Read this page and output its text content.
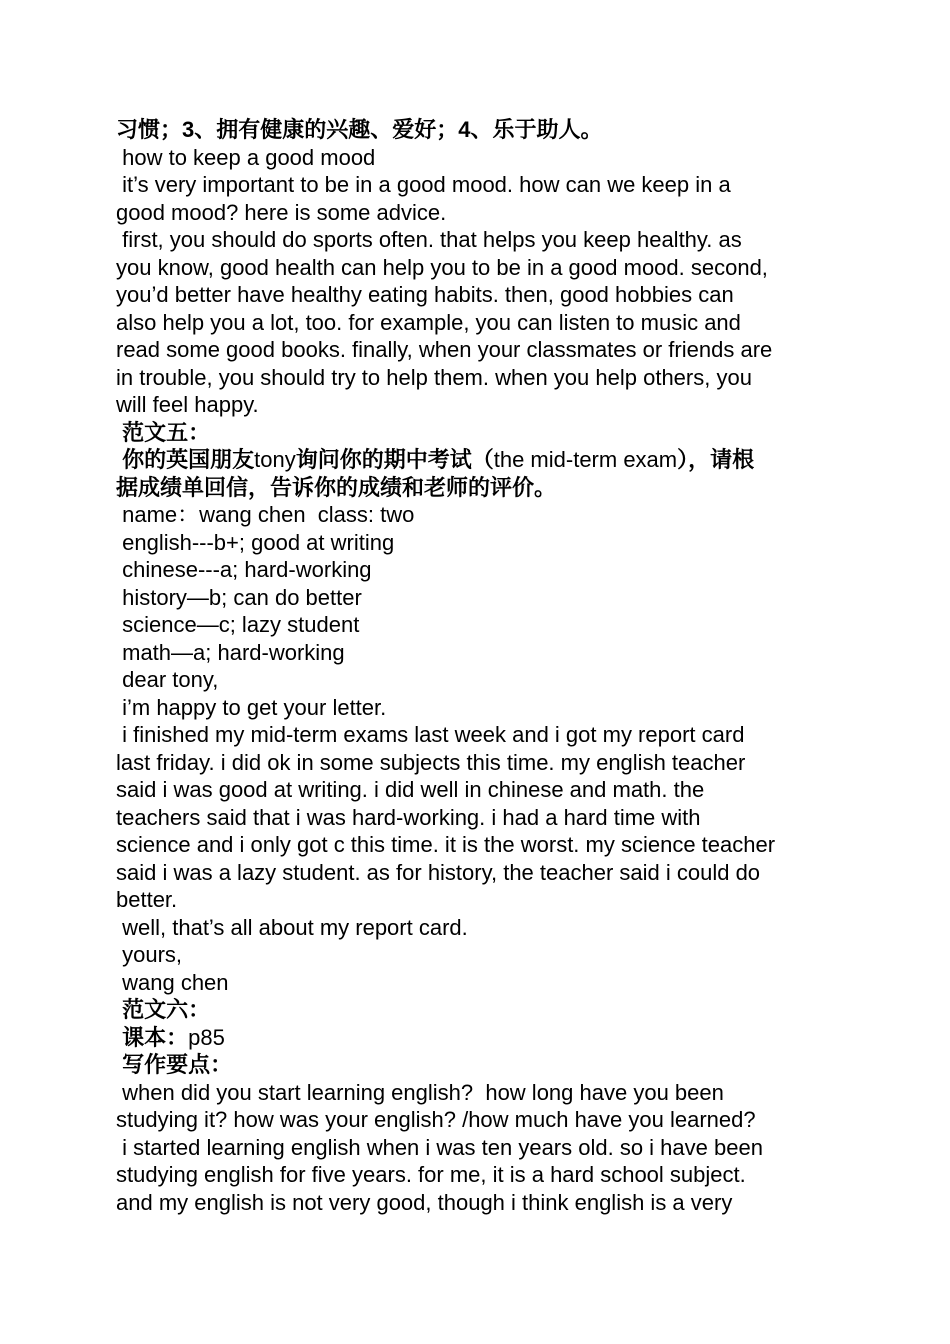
习惯；3、拥有健康的兴趣、爱好；4、乐于助人。
how to keep a good mood
it’s very important to be in a good mood. how can we keep in a
good mood? here is some advice.
first, you should do sports often. that helps you keep healthy. as
you know, good health can help you to be in a good mood. second,
you’d better have healthy eating habits. then, good hobbies can
also help you a lot, too. for example, you can listen to music and
read some good books. finally, when your classmates or friends are
in trouble, you should try to help them. when you help others, you
will feel happy.
范文五：
你的英国朋友tony询问你的期中考试（the mid-term exam），请根
据成绩单回信，告诉你的成绩和老师的评价。
name：wang chen  class: two
english---b+; good at writing
chinese---a; hard-working
history—b; can do better
science—c; lazy student
math—a; hard-working
dear tony,
i’m happy to get your letter.
i finished my mid-term exams last week and i got my report card
last friday. i did ok in some subjects this time. my english teacher
said i was good at writing. i did well in chinese and math. the
teachers said that i was hard-working. i had a hard time with
science and i only got c this time. it is the worst. my science teacher
said i was a lazy student. as for history, the teacher said i could do
better.
well, that’s all about my report card.
yours,
wang chen
范文六：
课本：p85
写作要点：
when did you start learning english?  how long have you been
studying it? how was your english? /how much have you learned?
i started learning english when i was ten years old. so i have been
studying english for five years. for me, it is a hard school subject.
and my english is not very good, though i think english is a very
